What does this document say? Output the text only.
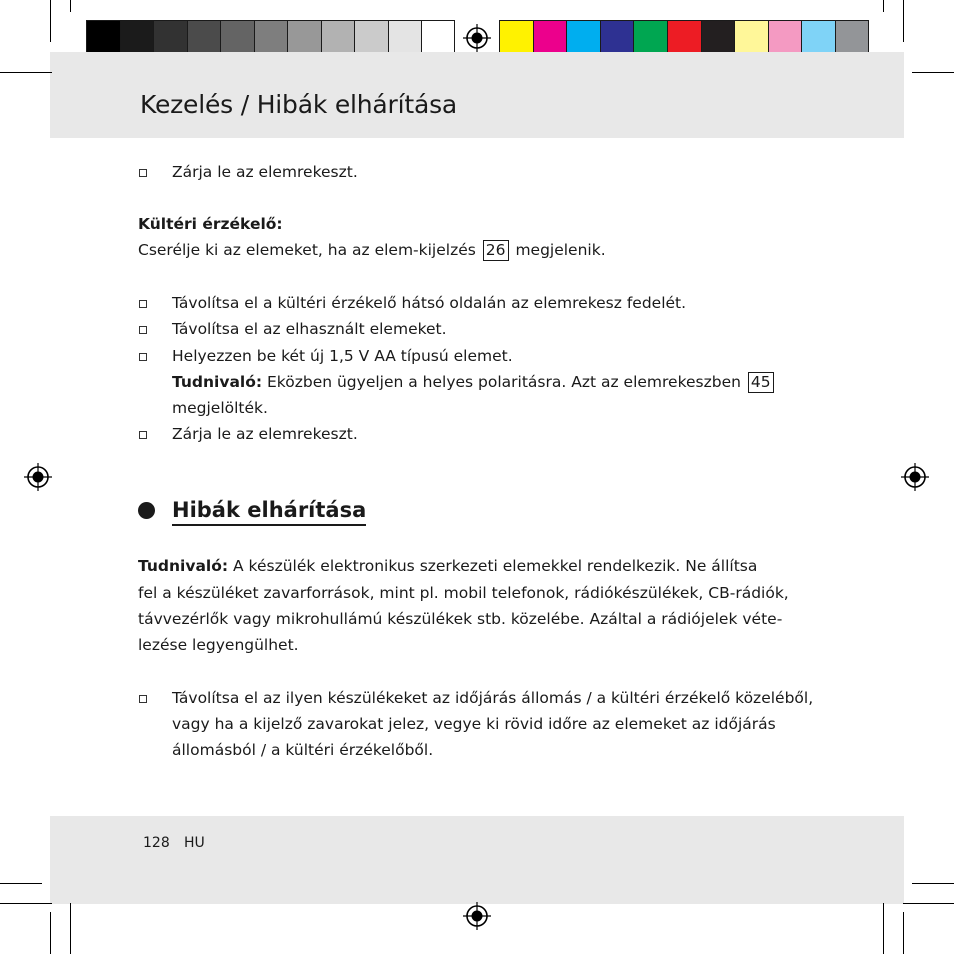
Kezelés / Hibák elhárítása
Zárja le az elemrekeszt.
Kültéri érzékelő:
Cserélje ki az elemeket, ha az elem-kijelzés 26 megjelenik.
Távolítsa el a kültéri érzékelő hátsó oldalán az elemrekesz fedelét.
Távolítsa el az elhasznált elemeket.
Helyezzen be két új 1,5 V AA típusú elemet.
Tudnivaló: Eközben ügyeljen a helyes polaritásra. Azt az elemrekeszben 45
megjelölték.
Zárja le az elemrekeszt.
Tudnivaló: A készülék elektronikus szerkezeti elemekkel rendelkezik. Ne állítsa
fel a készüléket zavarforrások, mint pl. mobil telefonok, rádiókészülékek, CB-rádiók,
távvezérlők vagy mikrohullámú készülékek stb. közelébe. Azáltal a rádiójelek véte-
lezése legyengülhet.
Távolítsa el az ilyen készülékeket az időjárás állomás / a kültéri érzékelő közeléből,
vagy ha a kijelző zavarokat jelez, vegye ki rövid időre az elemeket az időjárás
állomásból / a kültéri érzékelőből.
Hibák elhárítása
128 HU
